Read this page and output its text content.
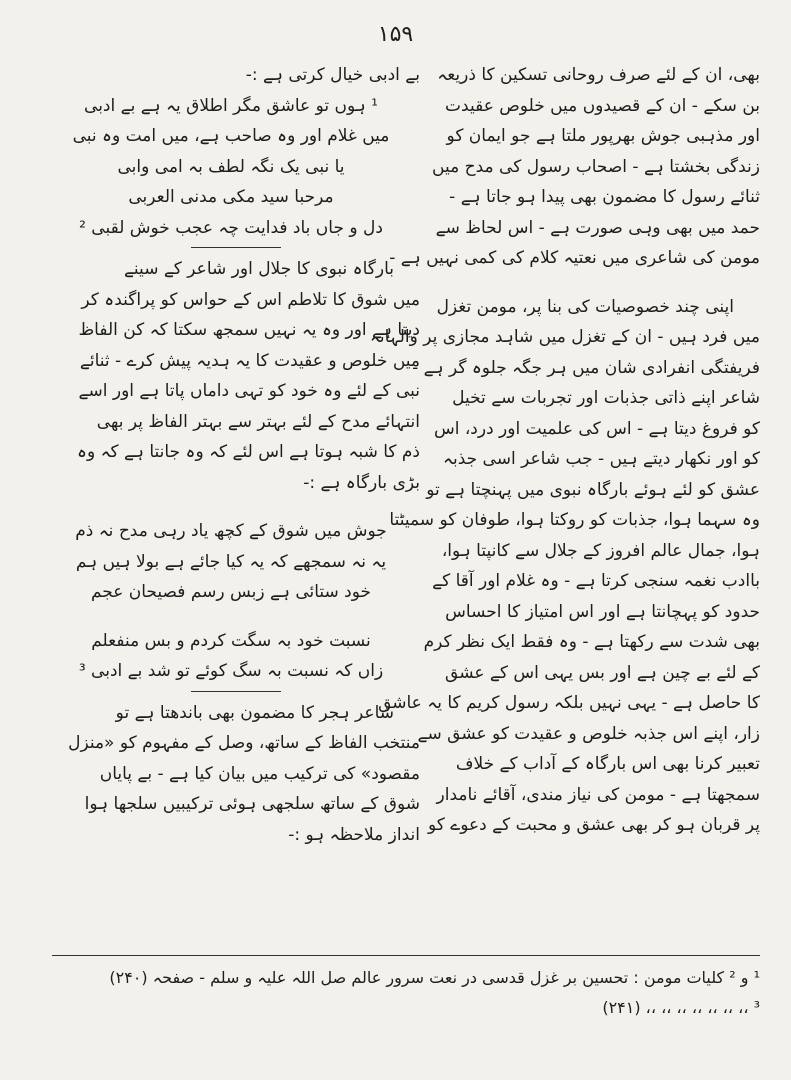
۱۵۹
بھی، ان کے لئے صرف روحانی تسکین کا ذریعہ
بن سکے - ان کے قصیدوں میں خلوص عقیدت
اور مذہبی جوش بھرپور ملتا ہے جو ایمان کو
زندگی بخشتا ہے - اصحاب رسول کی مدح میں
ثنائے رسول کا مضمون بھی پیدا ہو جاتا ہے -
حمد میں بھی وہی صورت ہے - اس لحاظ سے
مومن کی شاعری میں نعتیہ کلام کی کمی نہیں ہے -
اپنی چند خصوصیات کی بنا پر، مومن تغزل
میں فرد ہیں - ان کے تغزل میں شاہد مجازی پر والہانہ
فریفتگی انفرادی شان میں ہر جگہ جلوہ گر ہے -
شاعر اپنے ذاتی جذبات اور تجربات سے تخیل
کو فروغ دیتا ہے - اس کی علمیت اور درد، اس
کو اور نکھار دیتے ہیں - جب شاعر اسی جذبہ
عشق کو لئے ہوئے بارگاہ نبوی میں پہنچتا ہے تو
وہ سہما ہوا، جذبات کو روکتا ہوا، طوفان کو سمیٹتا
ہوا، جمال عالم افروز کے جلال سے کانپتا ہوا،
باادب نغمہ سنجی کرتا ہے - وہ غلام اور آقا کے
حدود کو پہچانتا ہے اور اس امتیاز کا احساس
بھی شدت سے رکھتا ہے - وہ فقط ایک نظر کرم
کے لئے بے چین ہے اور بس یہی اس کے عشق
کا حاصل ہے - یہی نہیں بلکہ رسول کریم کا یہ عاشق
زار، اپنے اس جذبہ خلوص و عقیدت کو عشق سے
تعبیر کرنا بھی اس بارگاہ کے آداب کے خلاف
سمجھتا ہے - مومن کی نیاز مندی، آقائے نامدار
پر قربان ہو کر بھی عشق و محبت کے دعوے کو
بے ادبی خیال کرتی ہے :-
¹ ہوں تو عاشق مگر اطلاق یہ ہے بے ادبی
میں غلام اور وہ صاحب ہے، میں امت وہ نبی
یا نبی یک نگہ لطف بہ امی وابی
مرحبا سید مکی مدنی العربی
دل و جاں باد فدایت چہ عجب خوش لقبی ²
بارگاہ نبوی کا جلال اور شاعر کے سینے
میں شوق کا تلاطم اس کے حواس کو پراگندہ کر
دیتا ہے اور وہ یہ نہیں سمجھ سکتا کہ کن الفاظ
میں خلوص و عقیدت کا یہ ہدیہ پیش کرے - ثنائے
نبی کے لئے وہ خود کو تہی داماں پاتا ہے اور اسے
انتہائے مدح کے لئے بہتر سے بہتر الفاظ پر بھی
ذم کا شبہ ہوتا ہے اس لئے کہ وہ جانتا ہے کہ وہ
بڑی بارگاہ ہے :-
جوش میں شوق کے کچھ یاد رہی مدح نہ ذم
یہ نہ سمجھے کہ یہ کیا جائے ہے بولا ہیں ہم
خود ستائی ہے زبس رسم فصیحان عجم
نسبت خود بہ سگت کردم و بس منفعلم
زاں کہ نسبت بہ سگ کوئے تو شد بے ادبی ³
شاعر ہجر کا مضمون بھی باندھتا ہے تو
منتخب الفاظ کے ساتھ، وصل کے مفہوم کو «منزل
مقصود» کی ترکیب میں بیان کیا ہے - بے پایاں
شوق کے ساتھ سلجھی ہوئی ترکیبیں سلجھا ہوا
انداز ملاحظہ ہو :-
¹ و ² کلیات مومن : تحسین بر غزل قدسی در نعت سرور عالم صل اللہ علیہ و سلم - صفحہ (۲۴۰)
³ ،، ،، ،، ،، ،، ،، ،، (۲۴۱)
